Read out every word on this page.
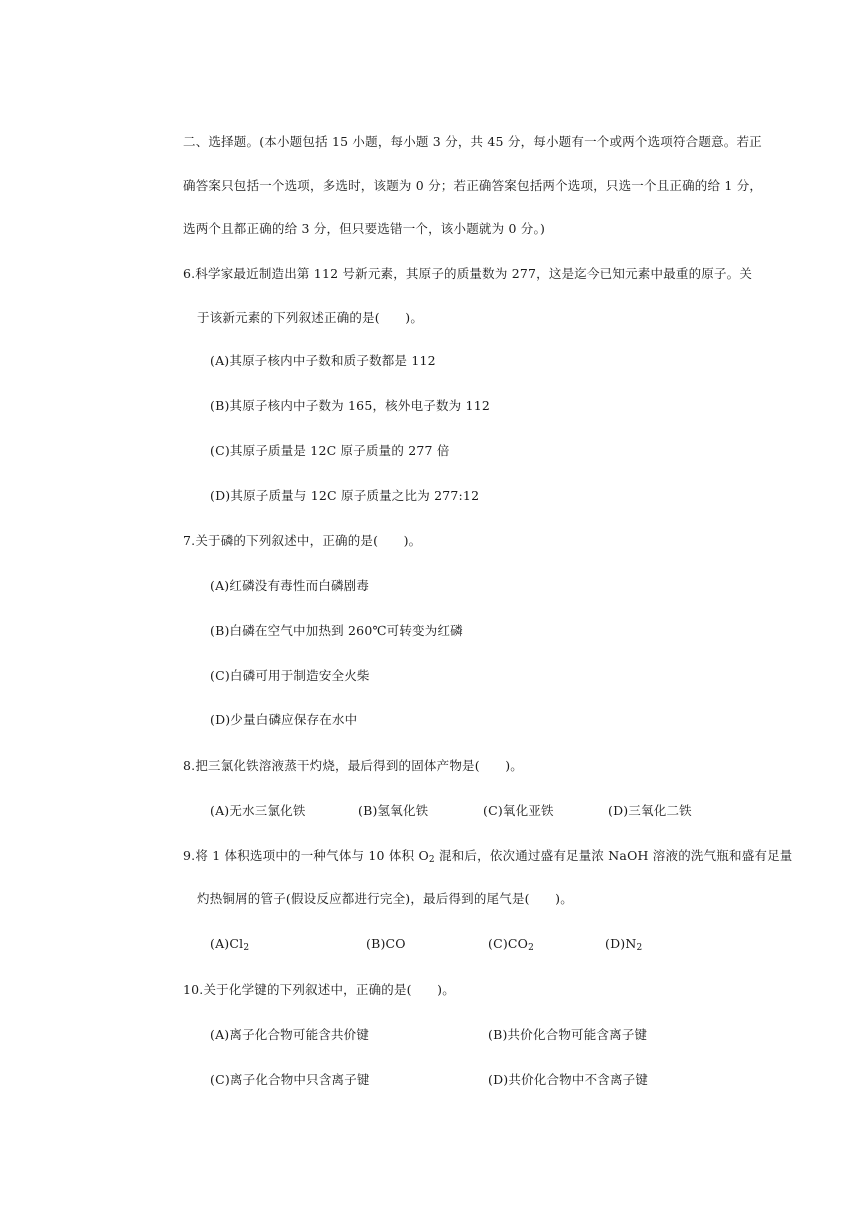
二、选择题。(本小题包括 15 小题，每小题 3 分，共 45 分，每小题有一个或两个选项符合题意。若正
确答案只包括一个选项，多选时，该题为 0 分；若正确答案包括两个选项，只选一个且正确的给 1 分，
选两个且都正确的给 3 分，但只要选错一个，该小题就为 0 分。)
6.科学家最近制造出第 112 号新元素，其原子的质量数为 277，这是迄今已知元素中最重的原子。关
于该新元素的下列叙述正确的是(　　)。
(A)其原子核内中子数和质子数都是 112
(B)其原子核内中子数为 165，核外电子数为 112
(C)其原子质量是 12C 原子质量的 277 倍
(D)其原子质量与 12C 原子质量之比为 277:12
7.关于磷的下列叙述中，正确的是(　　)。
(A)红磷没有毒性而白磷剧毒
(B)白磷在空气中加热到 260℃可转变为红磷
(C)白磷可用于制造安全火柴
(D)少量白磷应保存在水中
8.把三氯化铁溶液蒸干灼烧，最后得到的固体产物是(　　)。
(A)无水三氯化铁	(B)氢氧化铁	(C)氧化亚铁	(D)三氧化二铁
9.将 1 体积选项中的一种气体与 10 体积 $O_2$ 混和后，依次通过盛有足量浓 NaOH 溶液的洗气瓶和盛有足量
灼热铜屑的管子(假设反应都进行完全)，最后得到的尾气是(　　)。
$(A)Cl_2$	(B)CO	$(C)CO_2$	$(D)N_2$
10.关于化学键的下列叙述中，正确的是(　　)。
(A)离子化合物可能含共价键	(B)共价化合物可能含离子键
(C)离子化合物中只含离子键	(D)共价化合物中不含离子键
